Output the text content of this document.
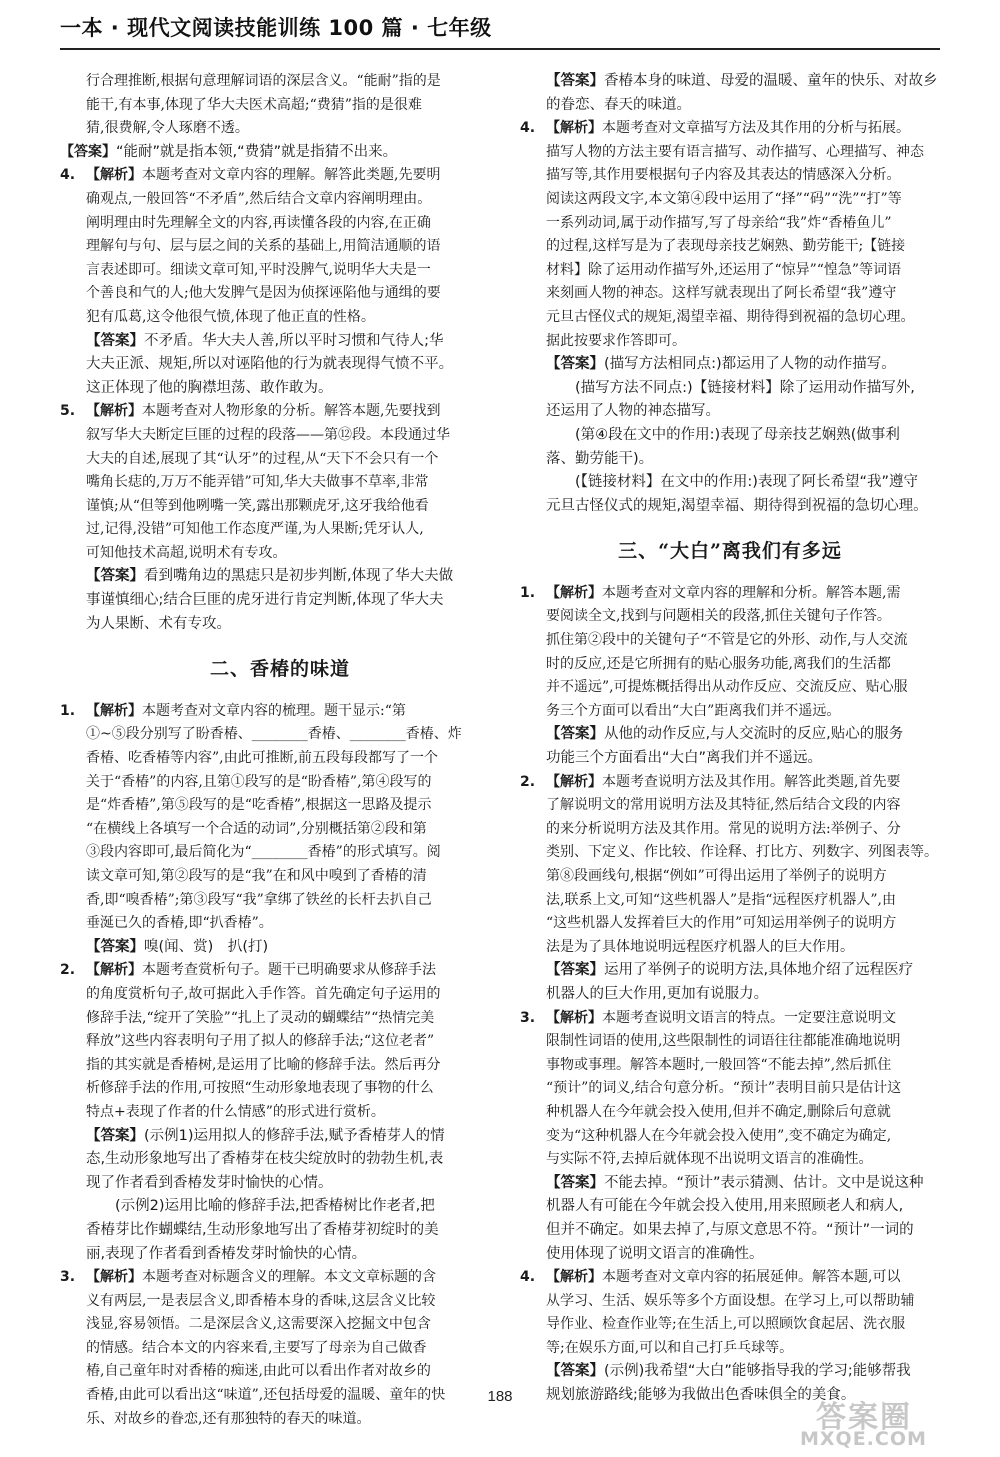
一本 · 现代文阅读技能训练 100 篇 · 七年级
行合理推断,根据句意理解词语的深层含义。“能耐”指的是
能干,有本事,体现了华大夫医术高超;“费猜”指的是很难
猜,很费解,令人琢磨不透。
【答案】“能耐”就是指本领,“费猜”就是指猜不出来。
4. 【解析】本题考查对文章内容的理解。解答此类题,先要明
确观点,一般回答“不矛盾”,然后结合文章内容阐明理由。
阐明理由时先理解全文的内容,再读懂各段的内容,在正确
理解句与句、层与层之间的关系的基础上,用简洁通顺的语
言表述即可。细读文章可知,平时没脾气,说明华大夫是一
个善良和气的人;他大发脾气是因为侦探诬陷他与通缉的要
犯有瓜葛,这令他很气愤,体现了他正直的性格。
【答案】不矛盾。华大夫人善,所以平时习惯和气待人;华
大夫正派、规矩,所以对诬陷他的行为就表现得气愤不平。
这正体现了他的胸襟坦荡、敢作敢为。
5. 【解析】本题考查对人物形象的分析。解答本题,先要找到
叙写华大夫断定巨匪的过程的段落——第⑫段。本段通过华
大夫的自述,展现了其“认牙”的过程,从“天下不会只有一个
嘴角长痣的,万万不能弄错”可知,华大夫做事不草率,非常
谨慎;从“但等到他咧嘴一笑,露出那颗虎牙,这牙我给他看
过,记得,没错”可知他工作态度严谨,为人果断;凭牙认人,
可知他技术高超,说明术有专攻。
【答案】看到嘴角边的黑痣只是初步判断,体现了华大夫做
事谨慎细心;结合巨匪的虎牙进行肯定判断,体现了华大夫
为人果断、术有专攻。
二、香椿的味道
1. 【解析】本题考查对文章内容的梳理。题干显示:“第
①~⑤段分别写了盼香椿、________香椿、________香椿、炸
香椿、吃香椿等内容”,由此可推断,前五段每段都写了一个
关于“香椿”的内容,且第①段写的是“盼香椿”,第④段写的
是“炸香椿”,第⑤段写的是“吃香椿”,根据这一思路及提示
“在横线上各填写一个合适的动词”,分别概括第②段和第
③段内容即可,最后简化为“________香椿”的形式填写。阅
读文章可知,第②段写的是“我”在和风中嗅到了香椿的清
香,即“嗅香椿”;第③段写“我”拿绑了铁丝的长杆去扒自己
垂涎已久的香椿,即“扒香椿”。
【答案】嗅(闻、赏)　扒(打)
2. 【解析】本题考查赏析句子。题干已明确要求从修辞手法
的角度赏析句子,故可据此入手作答。首先确定句子运用的
修辞手法,“绽开了笑脸”“扎上了灵动的蝴蝶结”“热情完美
释放”这些内容表明句子用了拟人的修辞手法;“这位老者”
指的其实就是香椿树,是运用了比喻的修辞手法。然后再分
析修辞手法的作用,可按照“生动形象地表现了事物的什么
特点+表现了作者的什么情感”的形式进行赏析。
【答案】(示例1)运用拟人的修辞手法,赋予香椿芽人的情
态,生动形象地写出了香椿芽在枝尖绽放时的勃勃生机,表
现了作者看到香椿发芽时愉快的心情。
(示例2)运用比喻的修辞手法,把香椿树比作老者,把
香椿芽比作蝴蝶结,生动形象地写出了香椿芽初绽时的美
丽,表现了作者看到香椿发芽时愉快的心情。
3. 【解析】本题考查对标题含义的理解。本文文章标题的含
义有两层,一是表层含义,即香椿本身的香味,这层含义比较
浅显,容易领悟。二是深层含义,这需要深入挖掘文中包含
的情感。结合本文的内容来看,主要写了母亲为自己做香
椿,自己童年时对香椿的痴迷,由此可以看出作者对故乡的
香椿,由此可以看出这“味道”,还包括母爱的温暖、童年的快
乐、对故乡的眷恋,还有那独特的春天的味道。
【答案】香椿本身的味道、母爱的温暖、童年的快乐、对故乡
的眷恋、春天的味道。
4. 【解析】本题考查对文章描写方法及其作用的分析与拓展。
描写人物的方法主要有语言描写、动作描写、心理描写、神态
描写等,其作用要根据句子内容及其表达的情感深入分析。
阅读这两段文字,本文第④段中运用了“择”“码”“洗”“打”等
一系列动词,属于动作描写,写了母亲给“我”炸“香椿鱼儿”
的过程,这样写是为了表现母亲技艺娴熟、勤劳能干;【链接
材料】除了运用动作描写外,还运用了“惊异”“惶急”等词语
来刻画人物的神态。这样写就表现出了阿长希望“我”遵守
元旦古怪仪式的规矩,渴望幸福、期待得到祝福的急切心理。
据此按要求作答即可。
【答案】(描写方法相同点:)都运用了人物的动作描写。
(描写方法不同点:)【链接材料】除了运用动作描写外,
还运用了人物的神态描写。
(第④段在文中的作用:)表现了母亲技艺娴熟(做事利
落、勤劳能干)。
(【链接材料】在文中的作用:)表现了阿长希望“我”遵守
元旦古怪仪式的规矩,渴望幸福、期待得到祝福的急切心理。
三、“大白”离我们有多远
1. 【解析】本题考查对文章内容的理解和分析。解答本题,需
要阅读全文,找到与问题相关的段落,抓住关键句子作答。
抓住第②段中的关键句子“不管是它的外形、动作,与人交流
时的反应,还是它所拥有的贴心服务功能,离我们的生活都
并不遥远”,可提炼概括得出从动作反应、交流反应、贴心服
务三个方面可以看出“大白”距离我们并不遥远。
【答案】从他的动作反应,与人交流时的反应,贴心的服务
功能三个方面看出“大白”离我们并不遥远。
2. 【解析】本题考查说明方法及其作用。解答此类题,首先要
了解说明文的常用说明方法及其特征,然后结合文段的内容
的来分析说明方法及其作用。常见的说明方法:举例子、分
类别、下定义、作比较、作诠释、打比方、列数字、列图表等。
第⑧段画线句,根据“例如”可得出运用了举例子的说明方
法,联系上文,可知“这些机器人”是指“远程医疗机器人”,由
“这些机器人发挥着巨大的作用”可知运用举例子的说明方
法是为了具体地说明远程医疗机器人的巨大作用。
【答案】运用了举例子的说明方法,具体地介绍了远程医疗
机器人的巨大作用,更加有说服力。
3. 【解析】本题考查说明文语言的特点。一定要注意说明文
限制性词语的使用,这些限制性的词语往往都能准确地说明
事物或事理。解答本题时,一般回答“不能去掉”,然后抓住
“预计”的词义,结合句意分析。“预计”表明目前只是估计这
种机器人在今年就会投入使用,但并不确定,删除后句意就
变为“这种机器人在今年就会投入使用”,变不确定为确定,
与实际不符,去掉后就体现不出说明文语言的准确性。
【答案】不能去掉。“预计”表示猜测、估计。文中是说这种
机器人有可能在今年就会投入使用,用来照顾老人和病人,
但并不确定。如果去掉了,与原文意思不符。“预计”一词的
使用体现了说明文语言的准确性。
4. 【解析】本题考查对文章内容的拓展延伸。解答本题,可以
从学习、生活、娱乐等多个方面设想。在学习上,可以帮助辅
导作业、检查作业等;在生活上,可以照顾饮食起居、洗衣服
等;在娱乐方面,可以和自己打乒乓球等。
【答案】(示例)我希望“大白”能够指导我的学习;能够帮我
规划旅游路线;能够为我做出色香味俱全的美食。
188
答案圈
MXQE.COM
